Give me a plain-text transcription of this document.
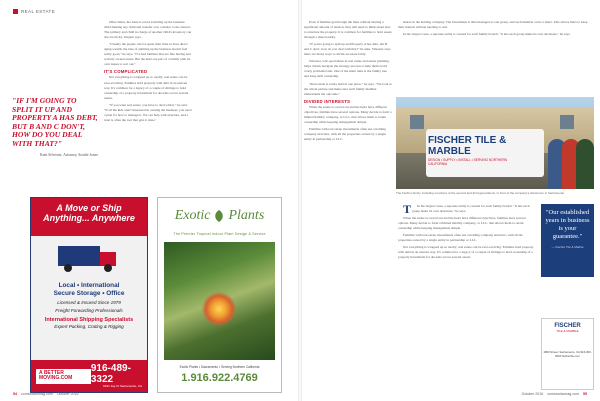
REAL ESTATE
"IF I'M GOING TO SPLIT IT UP AND PROPERTY A HAS DEBT, BUT B AND C DON'T, HOW DO YOU DEAL WITH THAT?"
Kent Silvester, Attorney, Seattle Jones

Other times, the issue is avoid troubling up the business child-making any child and transfer over a matter to the answer. The primary and child in charge of another child's inventory can also be tricky, Wagner says.

"Usually the people who've spent their time in lives direct aging wealth, the idea of splitting up the business doesn't feel really good," he says. "I've had families that are fine having and actively owned assets. But the heirs are part of a family with its own issues to sort out."

IT'S COMPLICATED

Not everything is wrapped up so neatly; real estate can be ever-evolving. Families hold property with debt in an uneven way. It's common for a legacy of a couple of siblings to hold ownership of a property investment for decades across several assets.

"If you want real estate, you have to deal with it," he said. "If all the kids aren't interested in owning the business, you need a plan for how to manage it. We can help with structure, and a trust is often the tool that gets it done."

Even if families get through the lines without sharing a significant amount of tension, they still need to think about how to structure the property. It is common for families to hold assets through a shared entity.

"If you're going to split up and Property A has debt, but B and C don't, how do you deal with that?" he asks. Silvester says there are many ways to divide an estate fairly.

Silvester, who specializes in real estate and estate planning, helps clients navigate the strategy process to help them avoid costly problems later. One of the main risks is the family tree and long-term ownership.

"Real estate is rarely held in one place," he says. "We look at the whole picture and make sure each family member understands the outcome."

DIVIDED INTERESTS

When the estate is carved out and the heirs have different objectives, families have several options. Many decide to form a limited liability company, or LLC, that allows them to retain ownership while keeping management simple.

Families with real estate investments often use a holding company structure, with all the properties owned by a single entity in partnership or LLC.

shares in the holding company. The investment is then managed as one group, and each member owns a share. This allows heirs to keep their interest without needing to sell.

In the largest cases, a separate entity is created for each family branch. "It lets each group make its own decisions," he says.

A Move or Ship
Anything... Anywhere
Local • International
Secure Storage • Office
Licensed & Insured Since 1979
Freight Forwarding Professionals
International Shipping Specialists
Expert Packing, Crating & Rigging
A BETTER MOVING.COM
916-489-3322
6041 Jay Ct Sacramento, CA
Exotic Plants
The Premier Tropical Indoor Plant Design & Service
Exotic Plants • Sacramento • Serving Northern California
1.916.922.4769
FISCHER TILE & MARBLE
DESIGN • SUPPLY • INSTALL • SERVING NORTHERN CALIFORNIA
The Fischer family, including members of the second and third generations, in front of the company's showroom in Sacramento.

T In the largest cases, a separate entity is created for each family branch. "It lets each group make its own decisions," he says.

When the estate is carved out and the heirs have different objectives, families have several options. Many decide to form a limited liability company, or LLC, that allows them to retain ownership while keeping management simple.

Families with real estate investments often use a holding company structure, with all the properties owned by a single entity in partnership or LLC.

Not everything is wrapped up so neatly; real estate can be ever-evolving. Families hold property with debt in an uneven way. It's common for a legacy of a couple of siblings to hold ownership of a property investment for decades across several assets.

"Our established years in business is your guarantee."
— Fischer Tile & Marble
FISCHER
TILE & MARBLE
1800 Street, Sacramento, CA 916-000-0000 fischertile.com
54 comstocksmag.com October 2016	October 2016 comstocksmag.com 55
